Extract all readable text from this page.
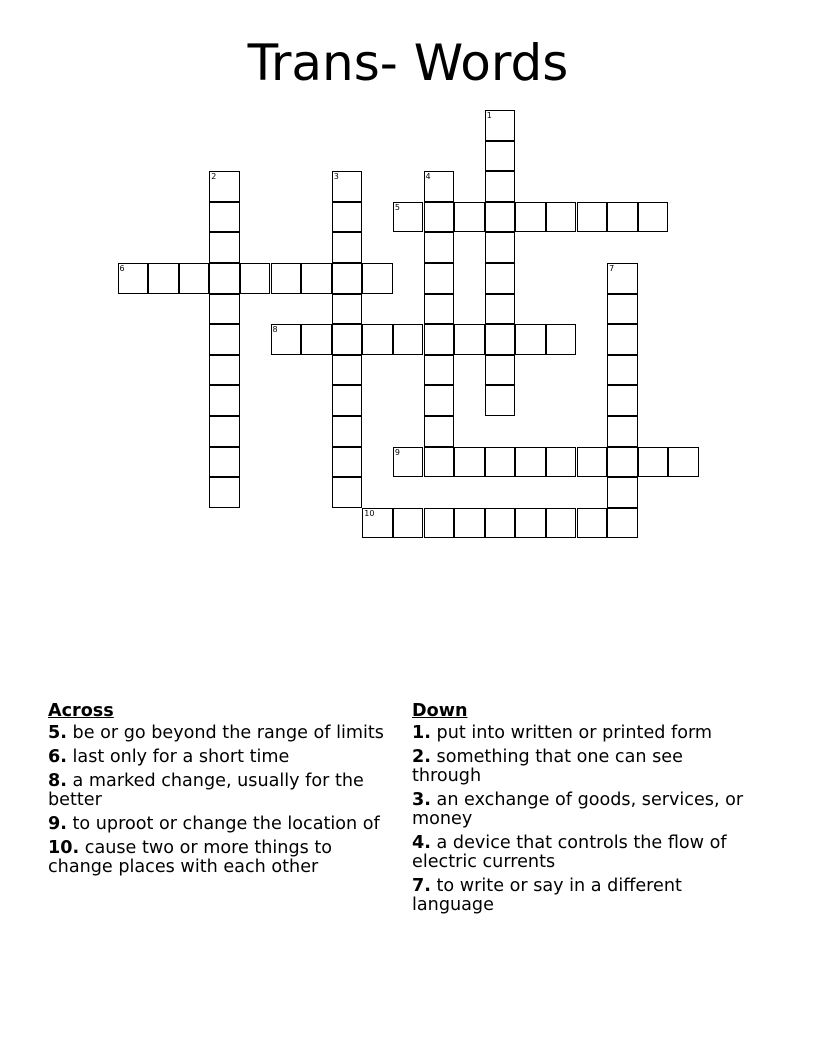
Trans- Words
1
2	3	4
5
6	7
8
9
10
Across
5. be or go beyond the range of limits
6. last only for a short time
8. a marked change, usually for the better
9. to uproot or change the location of
10. cause two or more things to change places with each other
Down
1. put into written or printed form
2. something that one can see through
3. an exchange of goods, services, or money
4. a device that controls the flow of electric currents
7. to write or say in a different language
